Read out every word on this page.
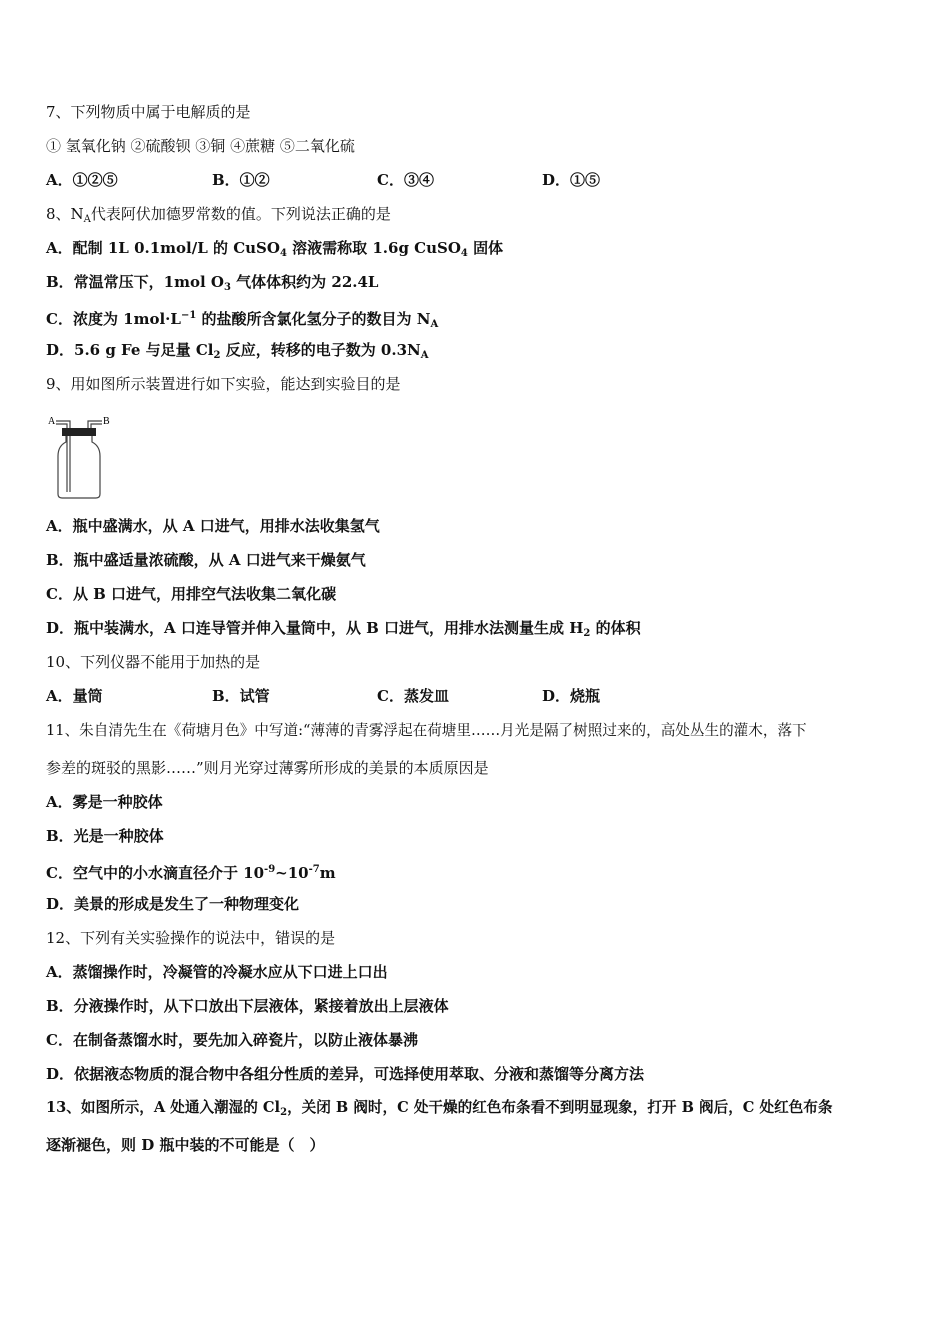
7、下列物质中属于电解质的是
① 氢氧化钠 ②硫酸钡 ③铜 ④蔗糖 ⑤二氧化硫
A．①②⑤	B．①②	C．③④	D．①⑤
8、$N_A$代表阿伏加德罗常数的值。下列说法正确的是
A．配制 1L 0.1mol/L 的 CuSO$_4$ 溶液需称取 1.6g CuSO$_4$ 固体
B．常温常压下，1mol $O_3$ 气体体积约为 22.4L
C．浓度为 $1mol\cdot L^{-1}$ 的盐酸所含氯化氢分子的数目为 $N_A$
D．5.6 g Fe 与足量 $Cl_2$ 反应，转移的电子数为 $0.3N_A$
9、用如图所示装置进行如下实验，能达到实验目的是
A	B
A．瓶中盛满水，从 A 口进气，用排水法收集氢气
B．瓶中盛适量浓硫酸，从 A 口进气来干燥氨气
C．从 B 口进气，用排空气法收集二氧化碳
D．瓶中装满水，A 口连导管并伸入量筒中，从 B 口进气，用排水法测量生成 $H_2$ 的体积
10、下列仪器不能用于加热的是
A．量筒	B．试管	C．蒸发皿	D．烧瓶
11、朱自清先生在《荷塘月色》中写道:“薄薄的青雾浮起在荷塘里……月光是隔了树照过来的，高处丛生的灌木，落下
参差的斑驳的黑影……”则月光穿过薄雾所形成的美景的本质原因是
A．雾是一种胶体
B．光是一种胶体
C．空气中的小水滴直径介于 $10^{-9}\sim 10^{-7}m$
D．美景的形成是发生了一种物理变化
12、下列有关实验操作的说法中，错误的是
A．蒸馏操作时，冷凝管的冷凝水应从下口进上口出
B．分液操作时，从下口放出下层液体，紧接着放出上层液体
C．在制备蒸馏水时，要先加入碎瓷片，以防止液体暴沸
D．依据液态物质的混合物中各组分性质的差异，可选择使用萃取、分液和蒸馏等分离方法
13、如图所示，A 处通入潮湿的 $Cl_2$，关闭 B 阀时，C 处干燥的红色布条看不到明显现象，打开 B 阀后，C 处红色布条
逐渐褪色，则 D 瓶中装的不可能是（　）
